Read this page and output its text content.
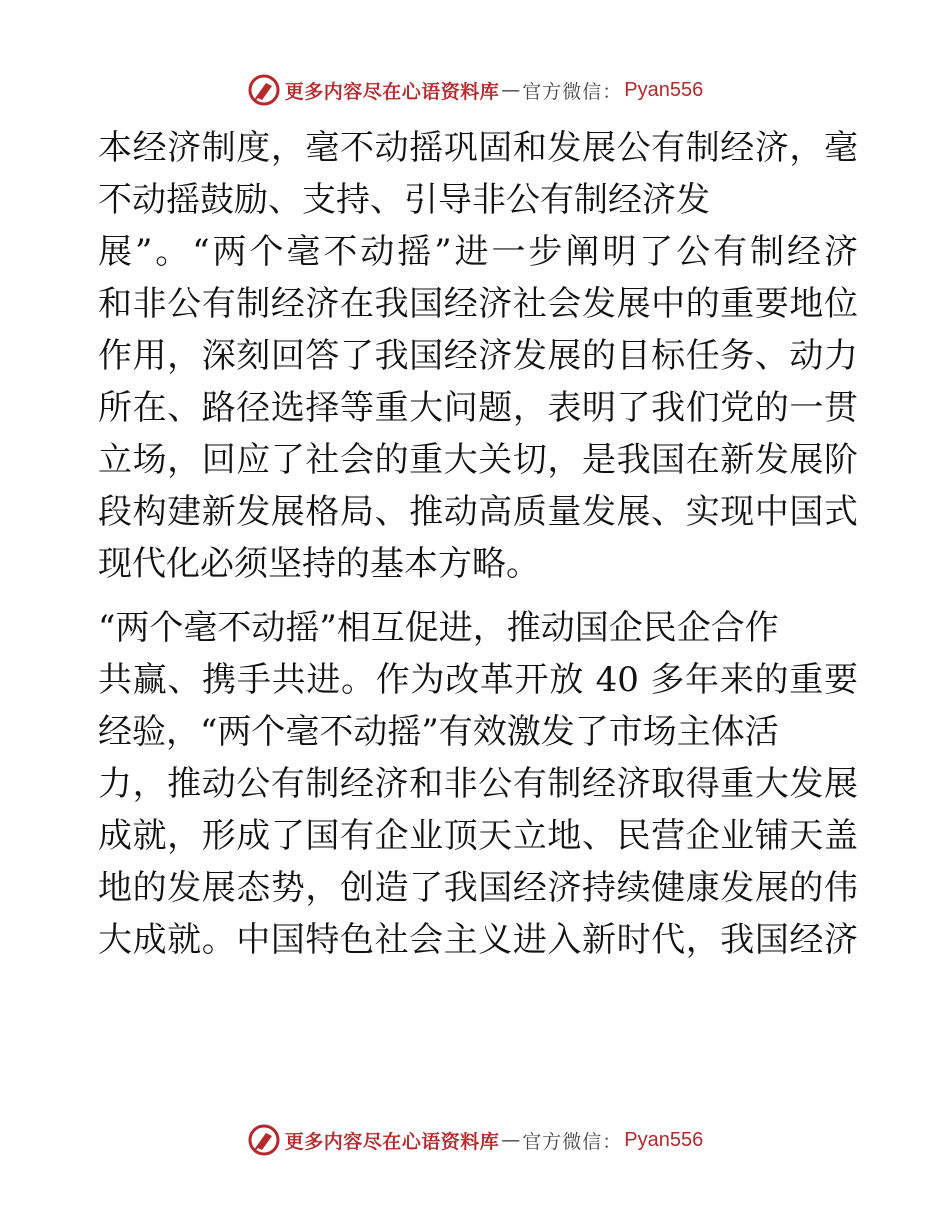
更多内容尽在心语资料库 — 官方微信： Pyan556
本经济制度，毫不动摇巩固和发展公有制经济，毫
不动摇鼓励、支持、引导非公有制经济发
展”。“两个毫不动摇”进一步阐明了公有制经济
和非公有制经济在我国经济社会发展中的重要地位
作用，深刻回答了我国经济发展的目标任务、动力
所在、路径选择等重大问题，表明了我们党的一贯
立场，回应了社会的重大关切，是我国在新发展阶
段构建新发展格局、推动高质量发展、实现中国式
现代化必须坚持的基本方略。
“两个毫不动摇”相互促进，推动国企民企合作
共赢、携手共进。作为改革开放 40 多年来的重要
经验，“两个毫不动摇”有效激发了市场主体活
力，推动公有制经济和非公有制经济取得重大发展
成就，形成了国有企业顶天立地、民营企业铺天盖
地的发展态势，创造了我国经济持续健康发展的伟
大成就。中国特色社会主义进入新时代，我国经济
更多内容尽在心语资料库 — 官方微信： Pyan556
